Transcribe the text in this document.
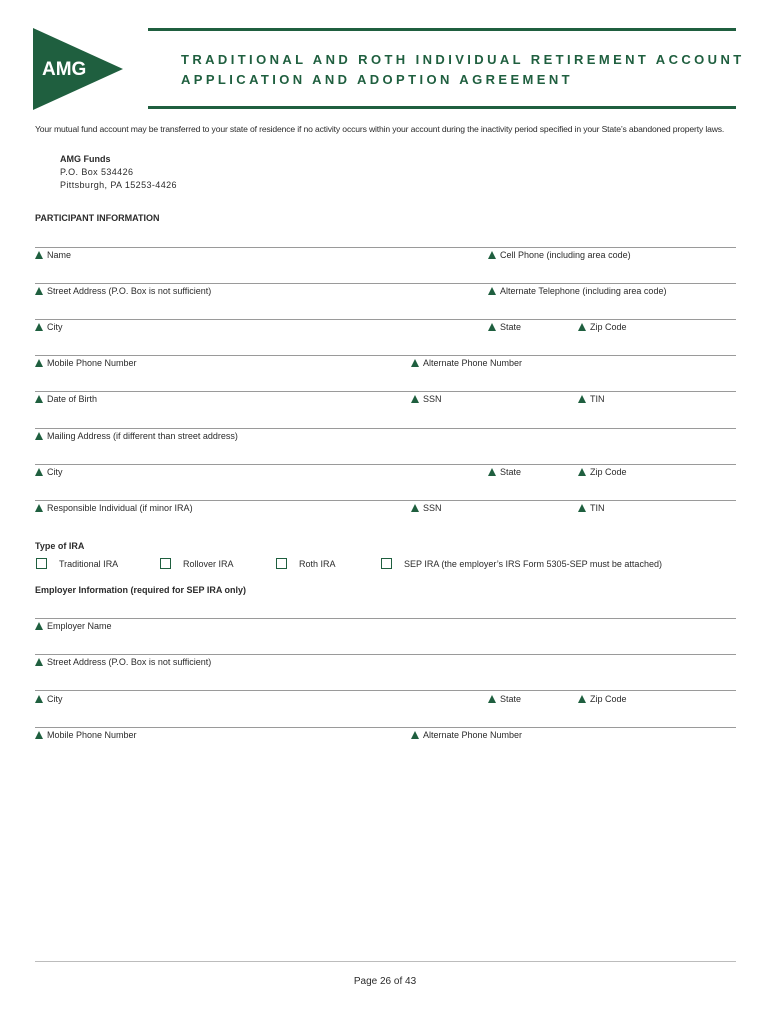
AMG	TRADITIONAL AND ROTH INDIVIDUAL RETIREMENT ACCOUNT
APPLICATION AND ADOPTION AGREEMENT
Your mutual fund account may be transferred to your state of residence if no activity occurs within your account during the inactivity period specified in your State’s abandoned property laws.
AMG Funds
P.O. Box 534426
Pittsburgh, PA 15253-4426
PARTICIPANT INFORMATION
Name	Cell Phone (including area code)
Street Address (P.O. Box is not sufficient)	Alternate Telephone (including area code)
City	State	Zip Code
Mobile Phone Number	Alternate Phone Number
Date of Birth	SSN	TIN
Mailing Address (if different than street address)
City	State	Zip Code
Responsible Individual (if minor IRA)	SSN	TIN
Type of IRA
Traditional IRA	Rollover IRA	Roth IRA	SEP IRA (the employer’s IRS Form 5305-SEP must be attached)
Employer Information (required for SEP IRA only)
Employer Name
Street Address (P.O. Box is not sufficient)
City	State	Zip Code
Mobile Phone Number	Alternate Phone Number
Page 26 of 43
